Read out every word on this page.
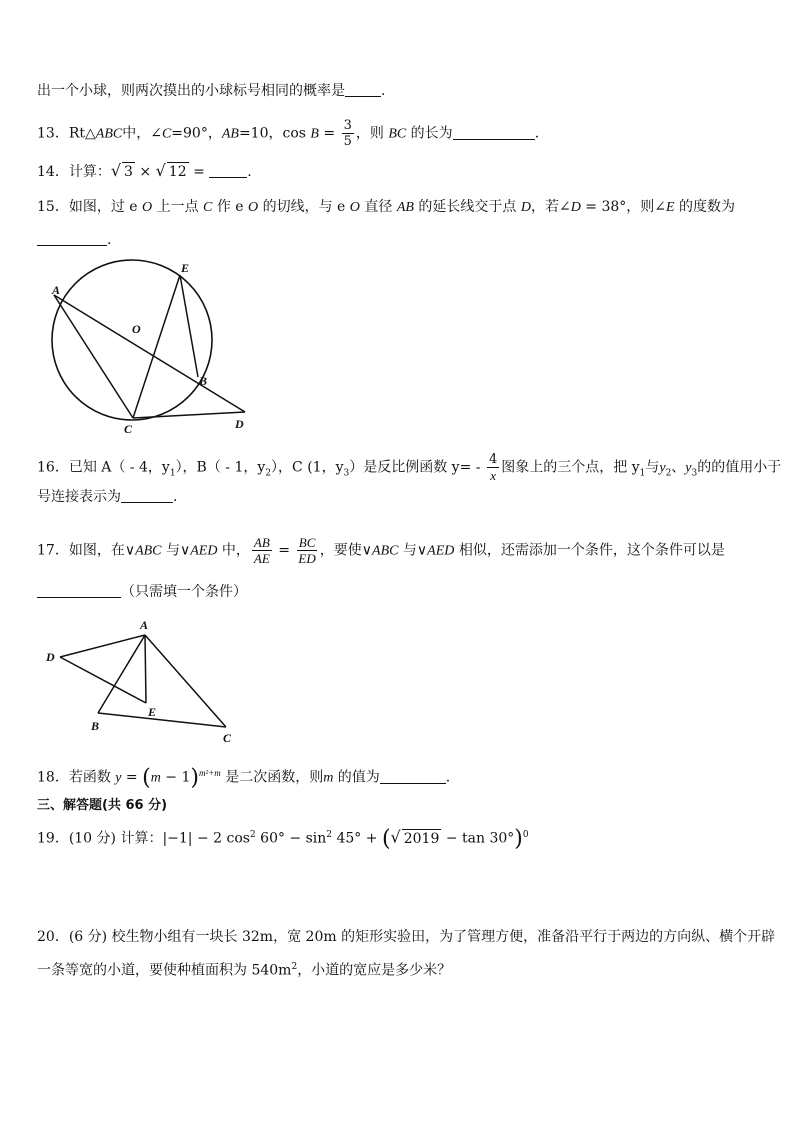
出一个小球，则两次摸出的小球标号相同的概率是	.
13．Rt△ABC中，∠C=90°，AB=10，$\cos B = \frac{3}{5}$ ，则 BC 的长为	.
14．计算：√ 3 × √ 12 =	.
15．如图，过 e O 上一点 C 作 e O 的切线，与 e O 直径 AB 的延长线交于点 D，若∠D = 38°，则∠E 的度数为
.
A
E
O
B
C	D
16．已知 A（ - 4，$y_1$），B（ - 1，$y_2$），C (1，$y_3$）是反比例函数 $y= - \frac{4}{x}$ 图象上的三个点，把 $y_1$与$y_2$、$y_3$的的值用小于
号连接表示为	.
17．如图，在∨ABC 与∨AED 中， $\frac{AB}{AE} = \frac{BC}{ED}$ ，要使∨ABC 与∨AED 相似，还需添加一个条件，这个条件可以是
（只需填一个条件）
A
D
E
B
C
18．若函数 $y = (m - 1)^{m^2+m}$ 是二次函数，则m 的值为	.
三、解答题(共 66 分)
19．(10 分) 计算：|−1| − 2 $\cos^2 60^\circ - \sin^2 45^\circ$ + (√ 2019 − tan 30°)$^0$
20．(6 分) 校生物小组有一块长 32m，宽 20m 的矩形实验田，为了管理方便，准备沿平行于两边的方向纵、横个开辟
一条等宽的小道，要使种植面积为 $540m^2$，小道的宽应是多少米？
